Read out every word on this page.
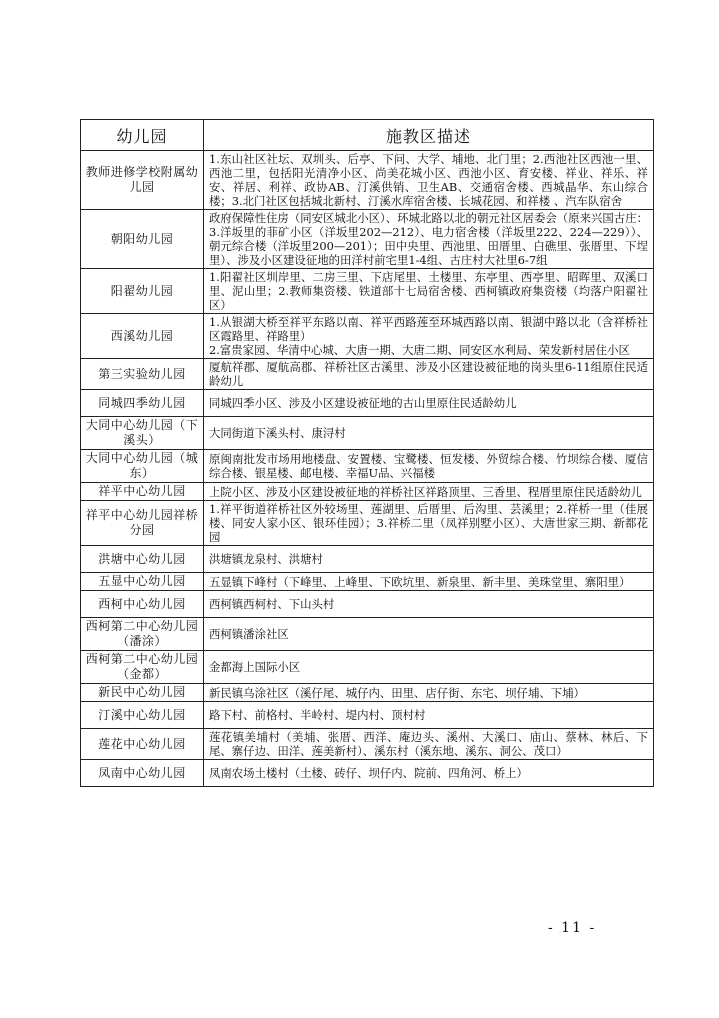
幼儿园	施教区描述
教师进修学校附属幼儿园	1.东山社区社坛、双圳头、后亭、下问、大学、埔地、北门里；2.西池社区西池一里、西池二里，包括阳光清净小区、尚美花城小区、西池小区、育安楼、祥业、祥乐、祥安、祥居、利祥、政协AB、汀溪供销、卫生AB、交通宿舍楼、西城晶华、东山综合楼；3.北门社区包括城北新村、汀溪水库宿舍楼、长城花园、和祥楼 、汽车队宿舍
朝阳幼儿园	政府保障性住房（同安区城北小区）、环城北路以北的朝元社区居委会（原来兴国古庄：3.洋坂里的菲矿小区（洋坂里202—212）、电力宿舍楼（洋坂里222、224—229））、朝元综合楼（洋坂里200—201）；田中央里、西池里、田厝里、白礁里、张厝里、下埕里）、涉及小区建设征地的田洋村前宅里1-4组、古庄村大社里6-7组
阳翟幼儿园	1.阳翟社区圳岸里、二房三里、下店尾里、土楼里、东亭里、西亭里、昭晖里、双溪口里、泥山里；2.教师集资楼、铁道部十七局宿舍楼、西柯镇政府集资楼（均落户阳翟社区）
西溪幼儿园	1.从银湖大桥至祥平东路以南、祥平西路莲至环城西路以南、银湖中路以北（含祥桥社区霞路里、祥路里）
2.富贵家园、华清中心城、大唐一期、大唐二期、同安区水利局、荣发新村居住小区
第三实验幼儿园	厦航祥郡、厦航高郡、祥桥社区古溪里、涉及小区建设被征地的岗头里6-11组原住民适龄幼儿
同城四季幼儿园	同城四季小区、涉及小区建设被征地的古山里原住民适龄幼儿
大同中心幼儿园（下溪头）	大同街道下溪头村、康浔村
大同中心幼儿园（城东）	原闽南批发市场用地楼盘、安置楼、宝鹭楼、恒发楼、外贸综合楼、竹坝综合楼、厦信综合楼、银星楼、邮电楼、幸福U品、兴福楼
祥平中心幼儿园	上院小区、涉及小区建设被征地的祥桥社区祥路顶里、三香里、程厝里原住民适龄幼儿
祥平中心幼儿园祥桥分园	1.祥平街道祥桥社区外较场里、莲湖里、后厝里、后沟里、芸溪里；2.祥桥一里（佳展楼、同安人家小区、银环佳园）；3.祥桥二里（凤祥别墅小区）、大唐世家三期、新都花园
洪塘中心幼儿园	洪塘镇龙泉村、洪塘村
五显中心幼儿园	五显镇下峰村（下峰里、上峰里、下欧坑里、新泉里、新丰里、美珠堂里、寨阳里）
西柯中心幼儿园	西柯镇西柯村、下山头村
西柯第二中心幼儿园（潘涂）	西柯镇潘涂社区
西柯第二中心幼儿园（金都）	金都海上国际小区
新民中心幼儿园	新民镇乌涂社区（溪仔尾、城仔内、田里、店仔街、东宅、坝仔埔、下埔）
汀溪中心幼儿园	路下村、前格村、半岭村、堤内村、顶村村
莲花中心幼儿园	莲花镇美埔村（美埔、张厝、西洋、庵边头、溪州、大溪口、庙山、蔡林、林后、下尾、寨仔边、田洋、莲美新村）、溪东村（溪东地、溪东、洞公、茂口）
凤南中心幼儿园	凤南农场土楼村（土楼、砖仔、坝仔内、院前、四角河、桥上）
- 11 -
